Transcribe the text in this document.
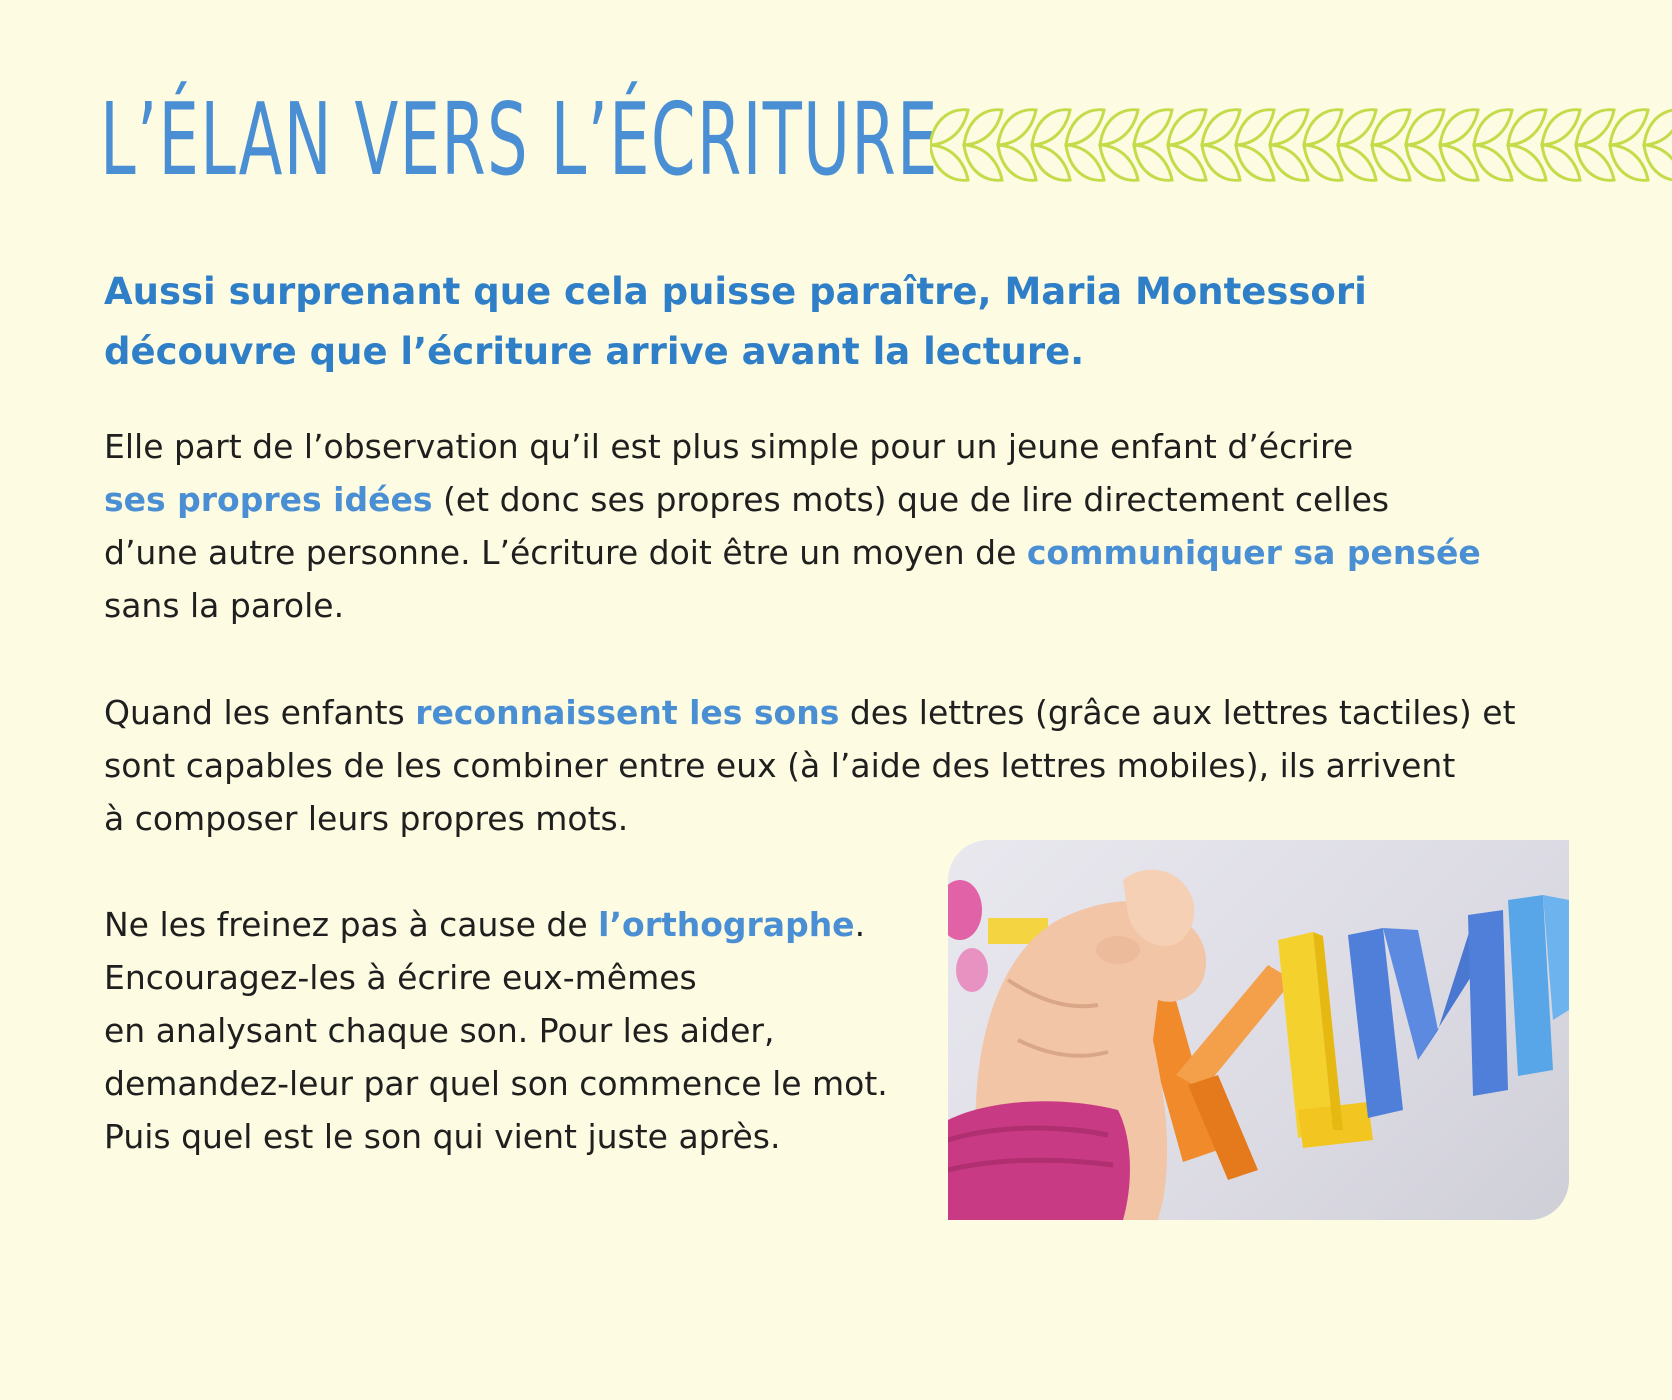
L’ÉLAN VERS L’ÉCRITURE

Aussi surprenant que cela puisse paraître, Maria Montessori découvre que l’écriture arrive avant la lecture.

Elle part de l’observation qu’il est plus simple pour un jeune enfant d’écrire
ses propres idées (et donc ses propres mots) que de lire directement celles
d’une autre personne. L’écriture doit être un moyen de communiquer sa pensée
sans la parole.
Quand les enfants reconnaissent les sons des lettres (grâce aux lettres tactiles) et
sont capables de les combiner entre eux (à l’aide des lettres mobiles), ils arrivent
à composer leurs propres mots.
Ne les freinez pas à cause de l’orthographe.
Encouragez-les à écrire eux-mêmes
en analysant chaque son. Pour les aider,
demandez-leur par quel son commence le mot.
Puis quel est le son qui vient juste après.
